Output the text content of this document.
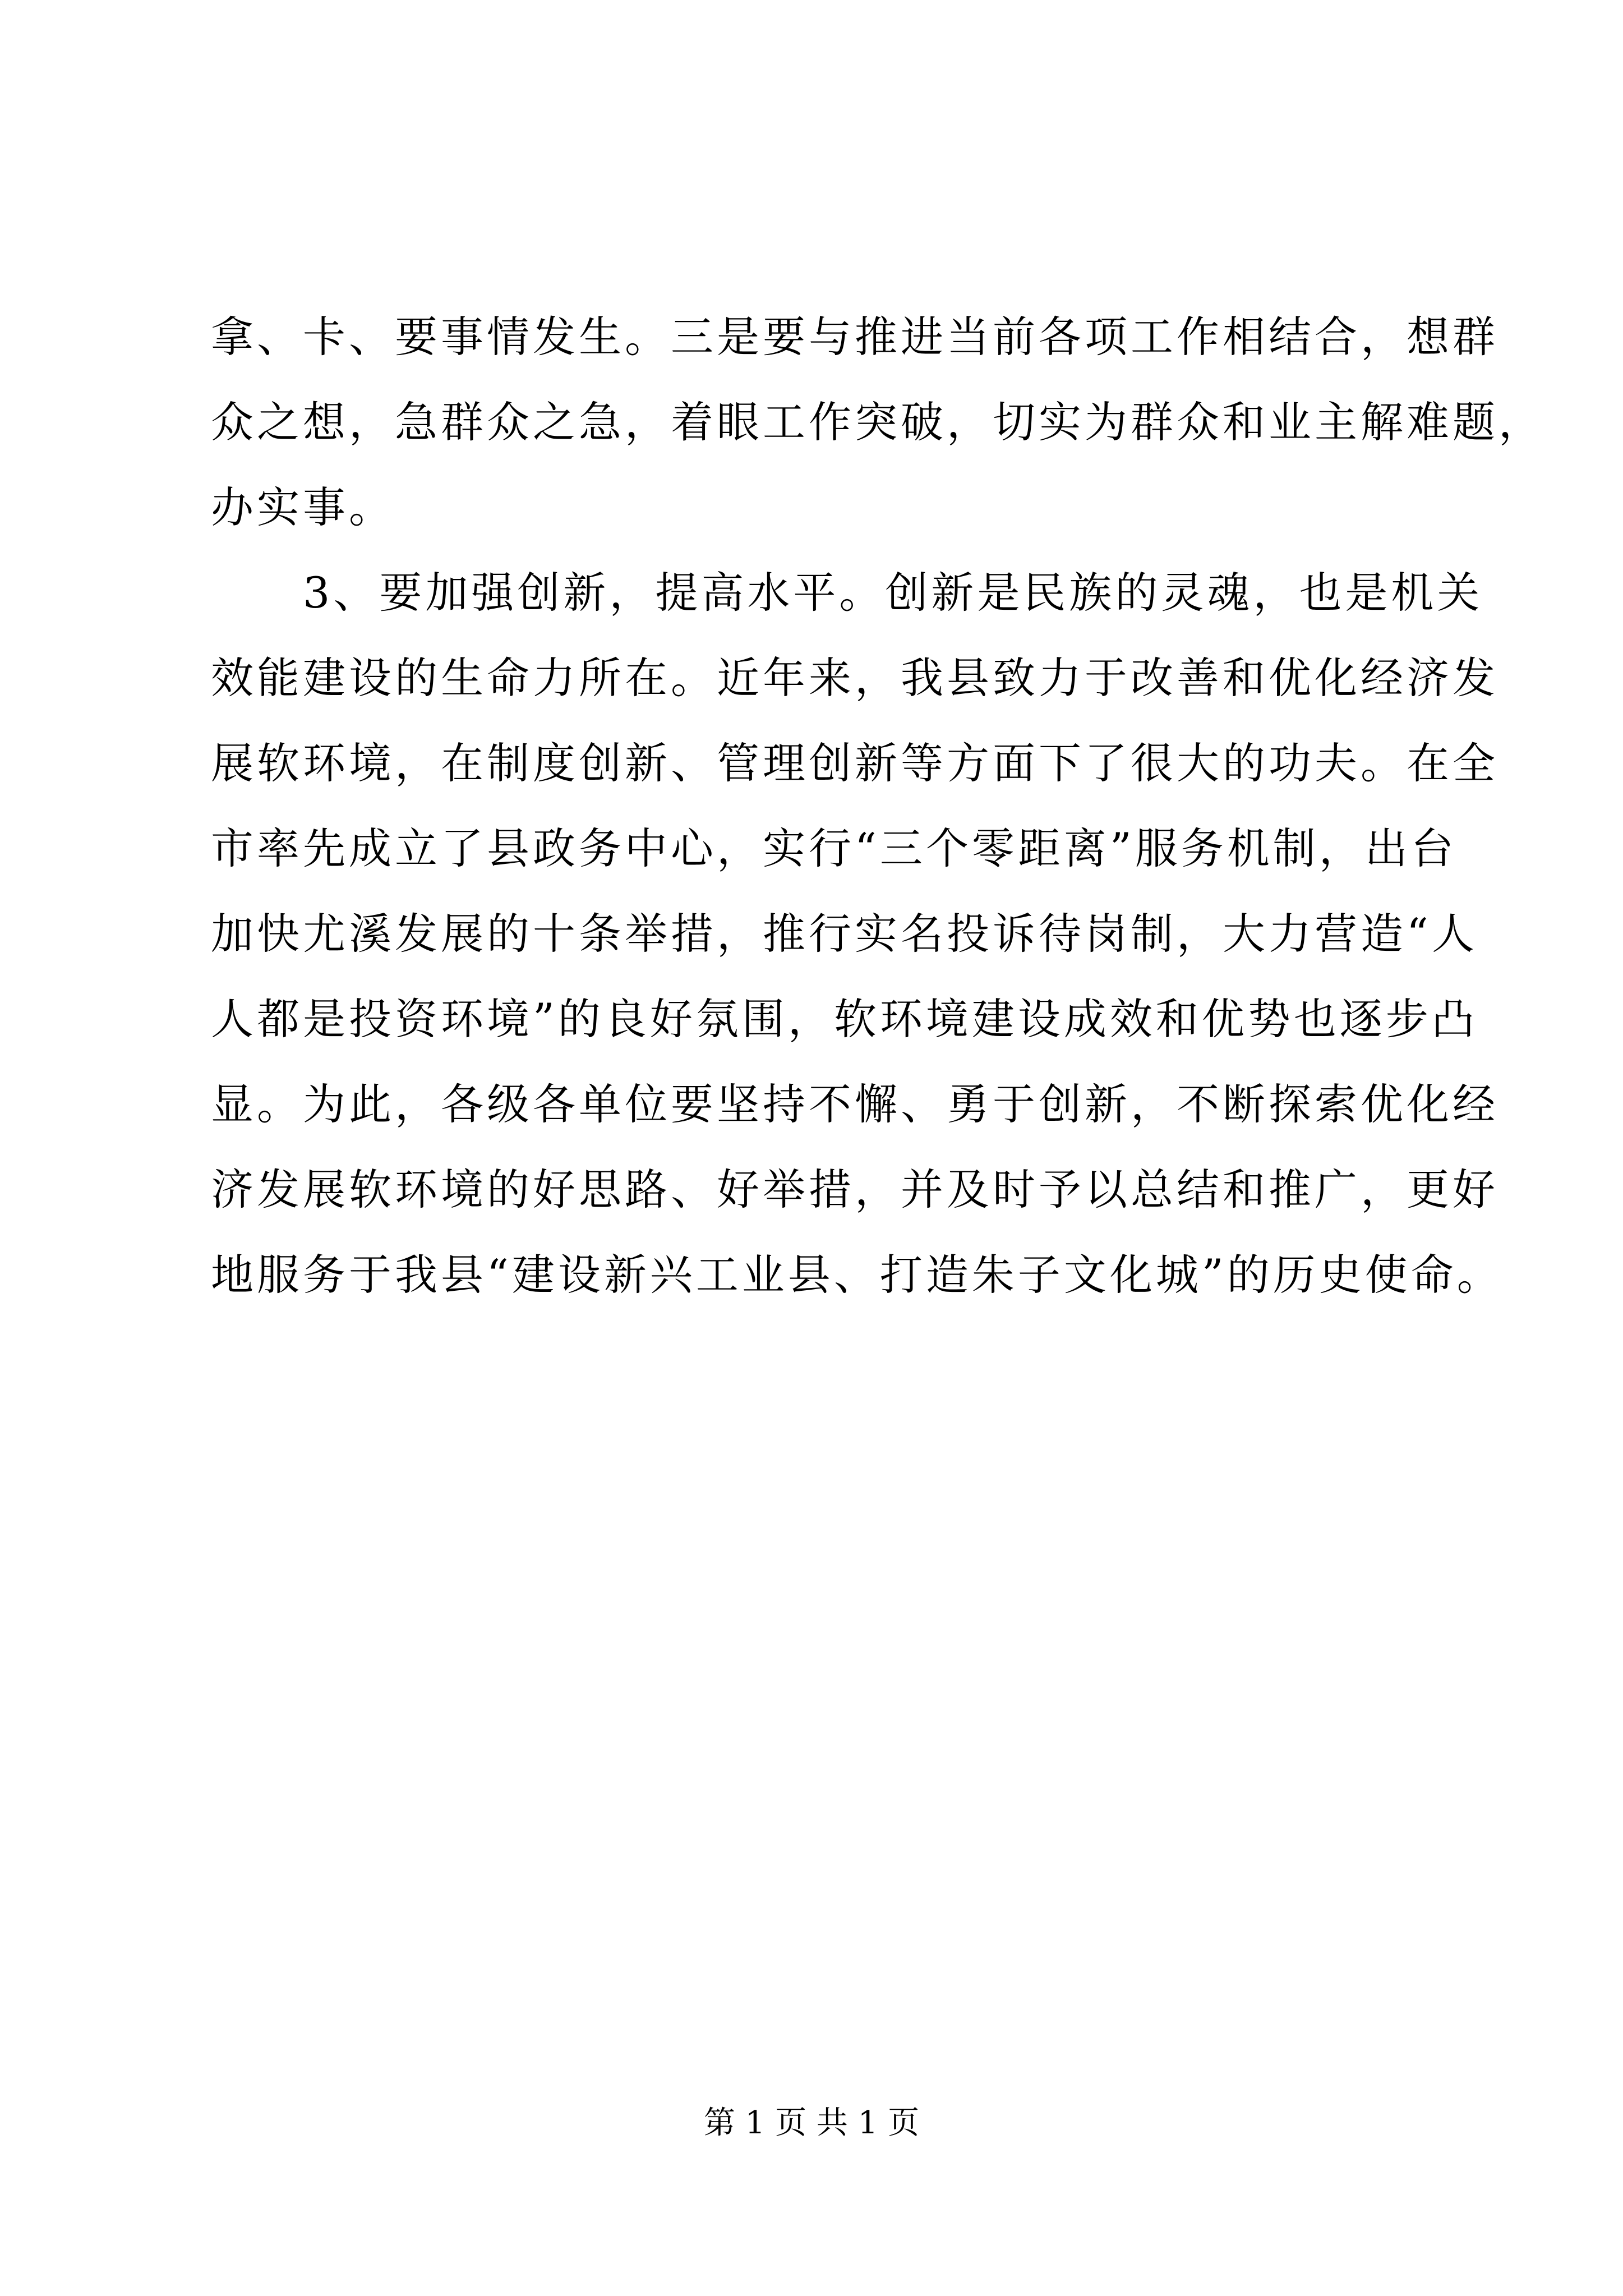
拿、卡、要事情发生。三是要与推进当前各项工作相结合，想群
众之想，急群众之急，着眼工作突破，切实为群众和业主解难题，
办实事。
　　3、要加强创新，提高水平。创新是民族的灵魂，也是机关
效能建设的生命力所在。近年来，我县致力于改善和优化经济发
展软环境，在制度创新、管理创新等方面下了很大的功夫。在全
市率先成立了县政务中心，实行“三个零距离”服务机制，出台
加快尤溪发展的十条举措，推行实名投诉待岗制，大力营造“人
人都是投资环境”的良好氛围，软环境建设成效和优势也逐步凸
显。为此，各级各单位要坚持不懈、勇于创新，不断探索优化经
济发展软环境的好思路、好举措，并及时予以总结和推广，更好
地服务于我县“建设新兴工业县、打造朱子文化城”的历史使命。
第 1 页 共 1 页
